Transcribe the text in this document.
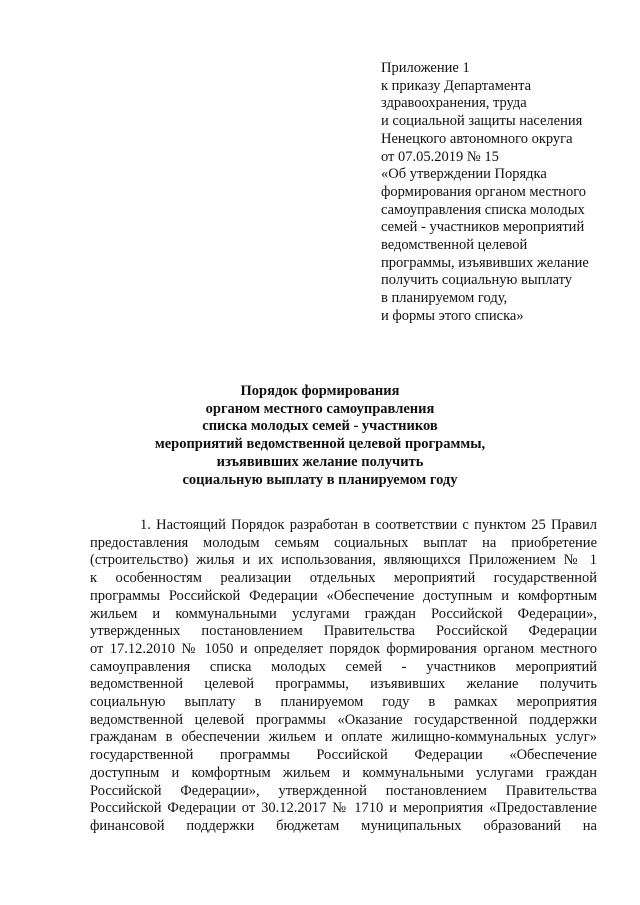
Приложение 1
к приказу Департамента
здравоохранения, труда
и социальной защиты населения
Ненецкого автономного округа
от 07.05.2019 № 15
«Об утверждении Порядка
формирования органом местного
самоуправления списка молодых
семей - участников мероприятий
ведомственной целевой
программы, изъявивших желание
получить социальную выплату
в планируемом году,
и формы этого списка»
Порядок формирования
органом местного самоуправления
списка молодых семей - участников
мероприятий ведомственной целевой программы,
изъявивших желание получить
социальную выплату в планируемом году
1. Настоящий Порядок разработан в соответствии с пунктом 25 Правил
предоставления молодым семьям социальных выплат на приобретение
(строительство) жилья и их использования, являющихся Приложением № 1
к особенностям реализации отдельных мероприятий государственной
программы Российской Федерации «Обеспечение доступным и комфортным
жильем и коммунальными услугами граждан Российской Федерации»,
утвержденных постановлением Правительства Российской Федерации
от 17.12.2010 № 1050 и определяет порядок формирования органом местного
самоуправления списка молодых семей - участников мероприятий
ведомственной целевой программы, изъявивших желание получить
социальную выплату в планируемом году в рамках мероприятия
ведомственной целевой программы «Оказание государственной поддержки
гражданам в обеспечении жильем и оплате жилищно-коммунальных услуг»
государственной программы Российской Федерации «Обеспечение
доступным и комфортным жильем и коммунальными услугами граждан
Российской Федерации», утвержденной постановлением Правительства
Российской Федерации от 30.12.2017 № 1710 и мероприятия «Предоставление
финансовой поддержки бюджетам муниципальных образований на
